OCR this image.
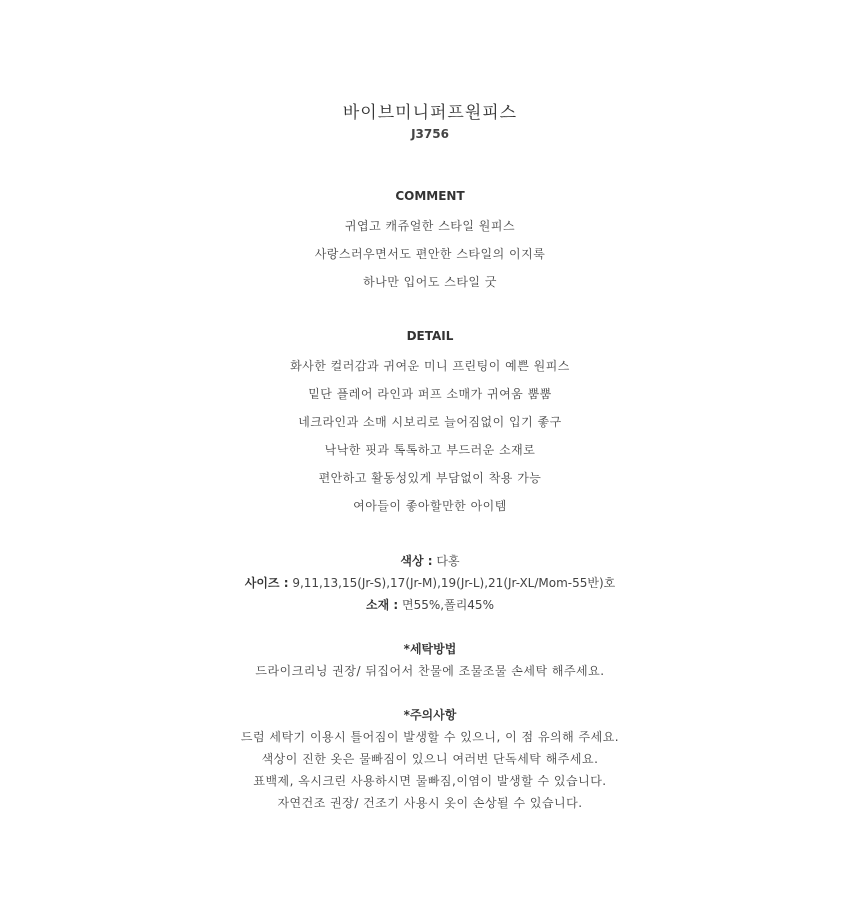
바이브미니퍼프원피스
J3756
COMMENT
귀엽고 캐쥬얼한 스타일 원피스
사랑스러우면서도 편안한 스타일의 이지룩
하나만 입어도 스타일 굿
DETAIL
화사한 컬러감과 귀여운 미니 프린팅이 예쁜 원피스
밑단 플레어 라인과 퍼프 소매가 귀여움 뿜뿜
네크라인과 소매 시보리로 늘어짐없이 입기 좋구
낙낙한 핏과 톡톡하고 부드러운 소재로
편안하고 활동성있게 부담없이 착용 가능
여아들이 좋아할만한 아이템
색상 : 다홍
사이즈 : 9,11,13,15(Jr-S),17(Jr-M),19(Jr-L),21(Jr-XL/Mom-55반)호
소재 : 면55%,폴리45%
*세탁방법
드라이크리닝 권장/ 뒤집어서 찬물에 조물조물 손세탁 해주세요.
*주의사항
드럼 세탁기 이용시 틀어짐이 발생할 수 있으니, 이 점 유의해 주세요.
색상이 진한 옷은 물빠짐이 있으니 여러번 단독세탁 해주세요.
표백제, 옥시크린 사용하시면 물빠짐,이염이 발생할 수 있습니다.
자연건조 권장/ 건조기 사용시 옷이 손상될 수 있습니다.
